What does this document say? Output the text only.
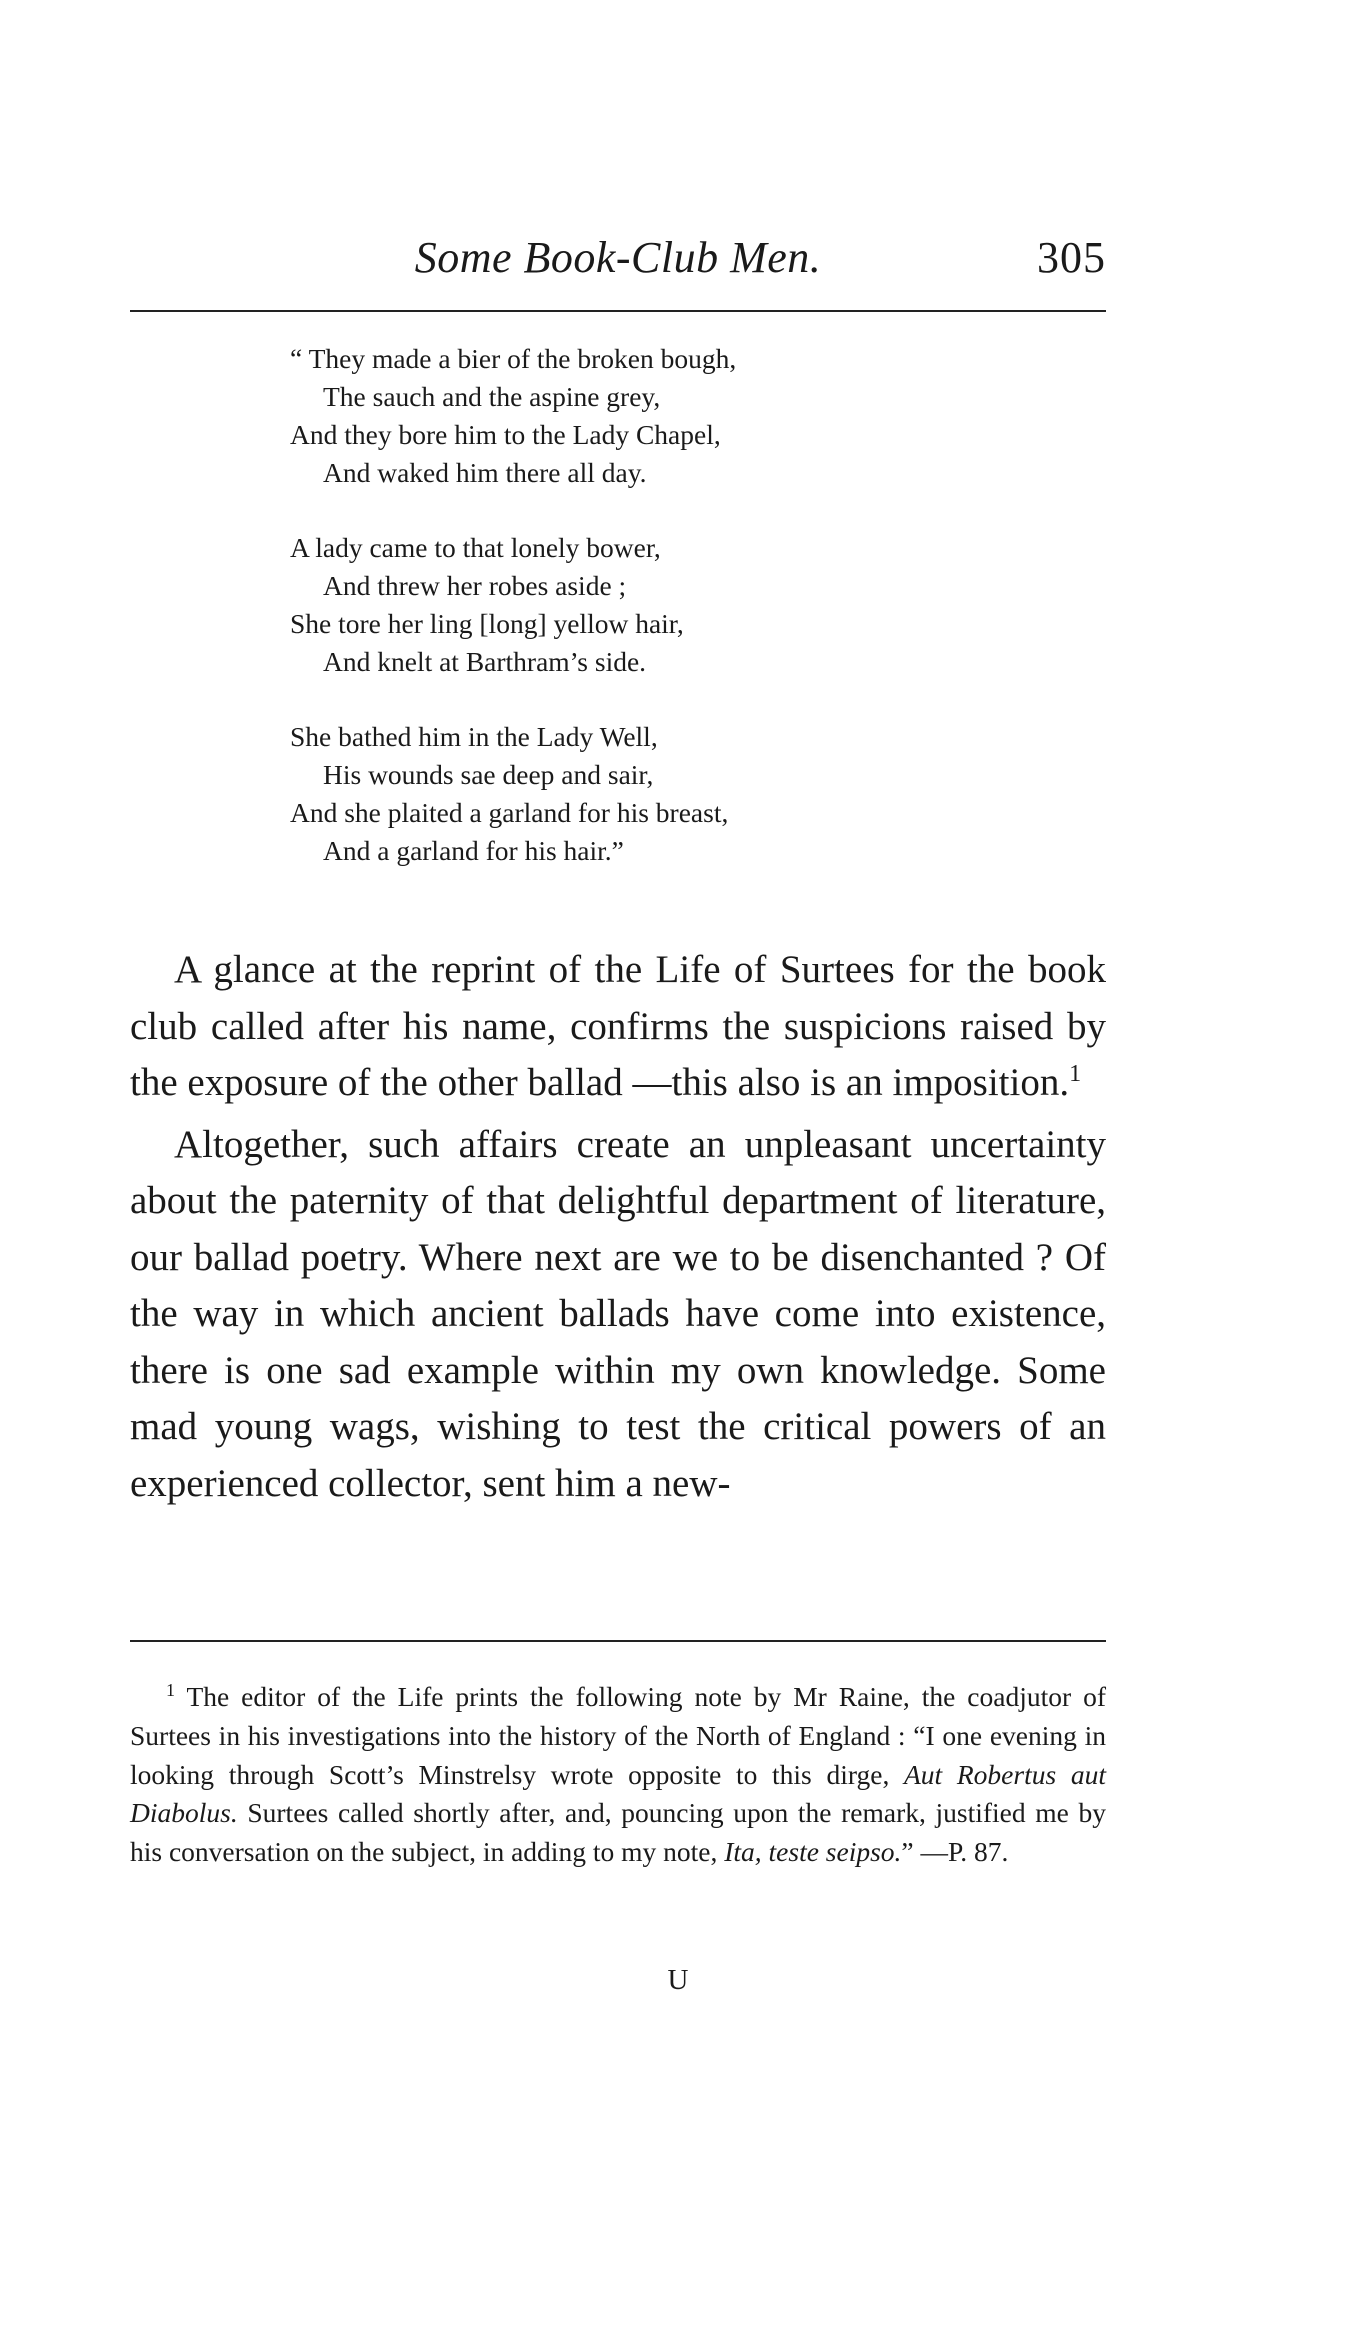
Some Book-Club Men.	305
“ They made a bier of the broken bough,
The sauch and the aspine grey,
And they bore him to the Lady Chapel,
And waked him there all day.
A lady came to that lonely bower,
And threw her robes aside ;
She tore her ling [long] yellow hair,
And knelt at Barthram’s side.
She bathed him in the Lady Well,
His wounds sae deep and sair,
And she plaited a garland for his breast,
And a garland for his hair.”

A glance at the reprint of the Life of Surtees for the book club called after his name, confirms the suspicions raised by the exposure of the other ballad —this also is an imposition.$^1$

Altogether, such affairs create an unpleasant uncertainty about the paternity of that delightful department of literature, our ballad poetry. Where next are we to be disenchanted ? Of the way in which ancient ballads have come into existence, there is one sad example within my own knowledge. Some mad young wags, wishing to test the critical powers of an experienced collector, sent him a new-

$^1$ The editor of the Life prints the following note by Mr Raine, the coadjutor of Surtees in his investigations into the history of the North of England : “I one evening in looking through Scott’s Minstrelsy wrote opposite to this dirge, Aut Robertus aut Diabolus. Surtees called shortly after, and, pouncing upon the remark, justified me by his conversation on the subject, in adding to my note, Ita, teste seipso.” —P. 87.

U
